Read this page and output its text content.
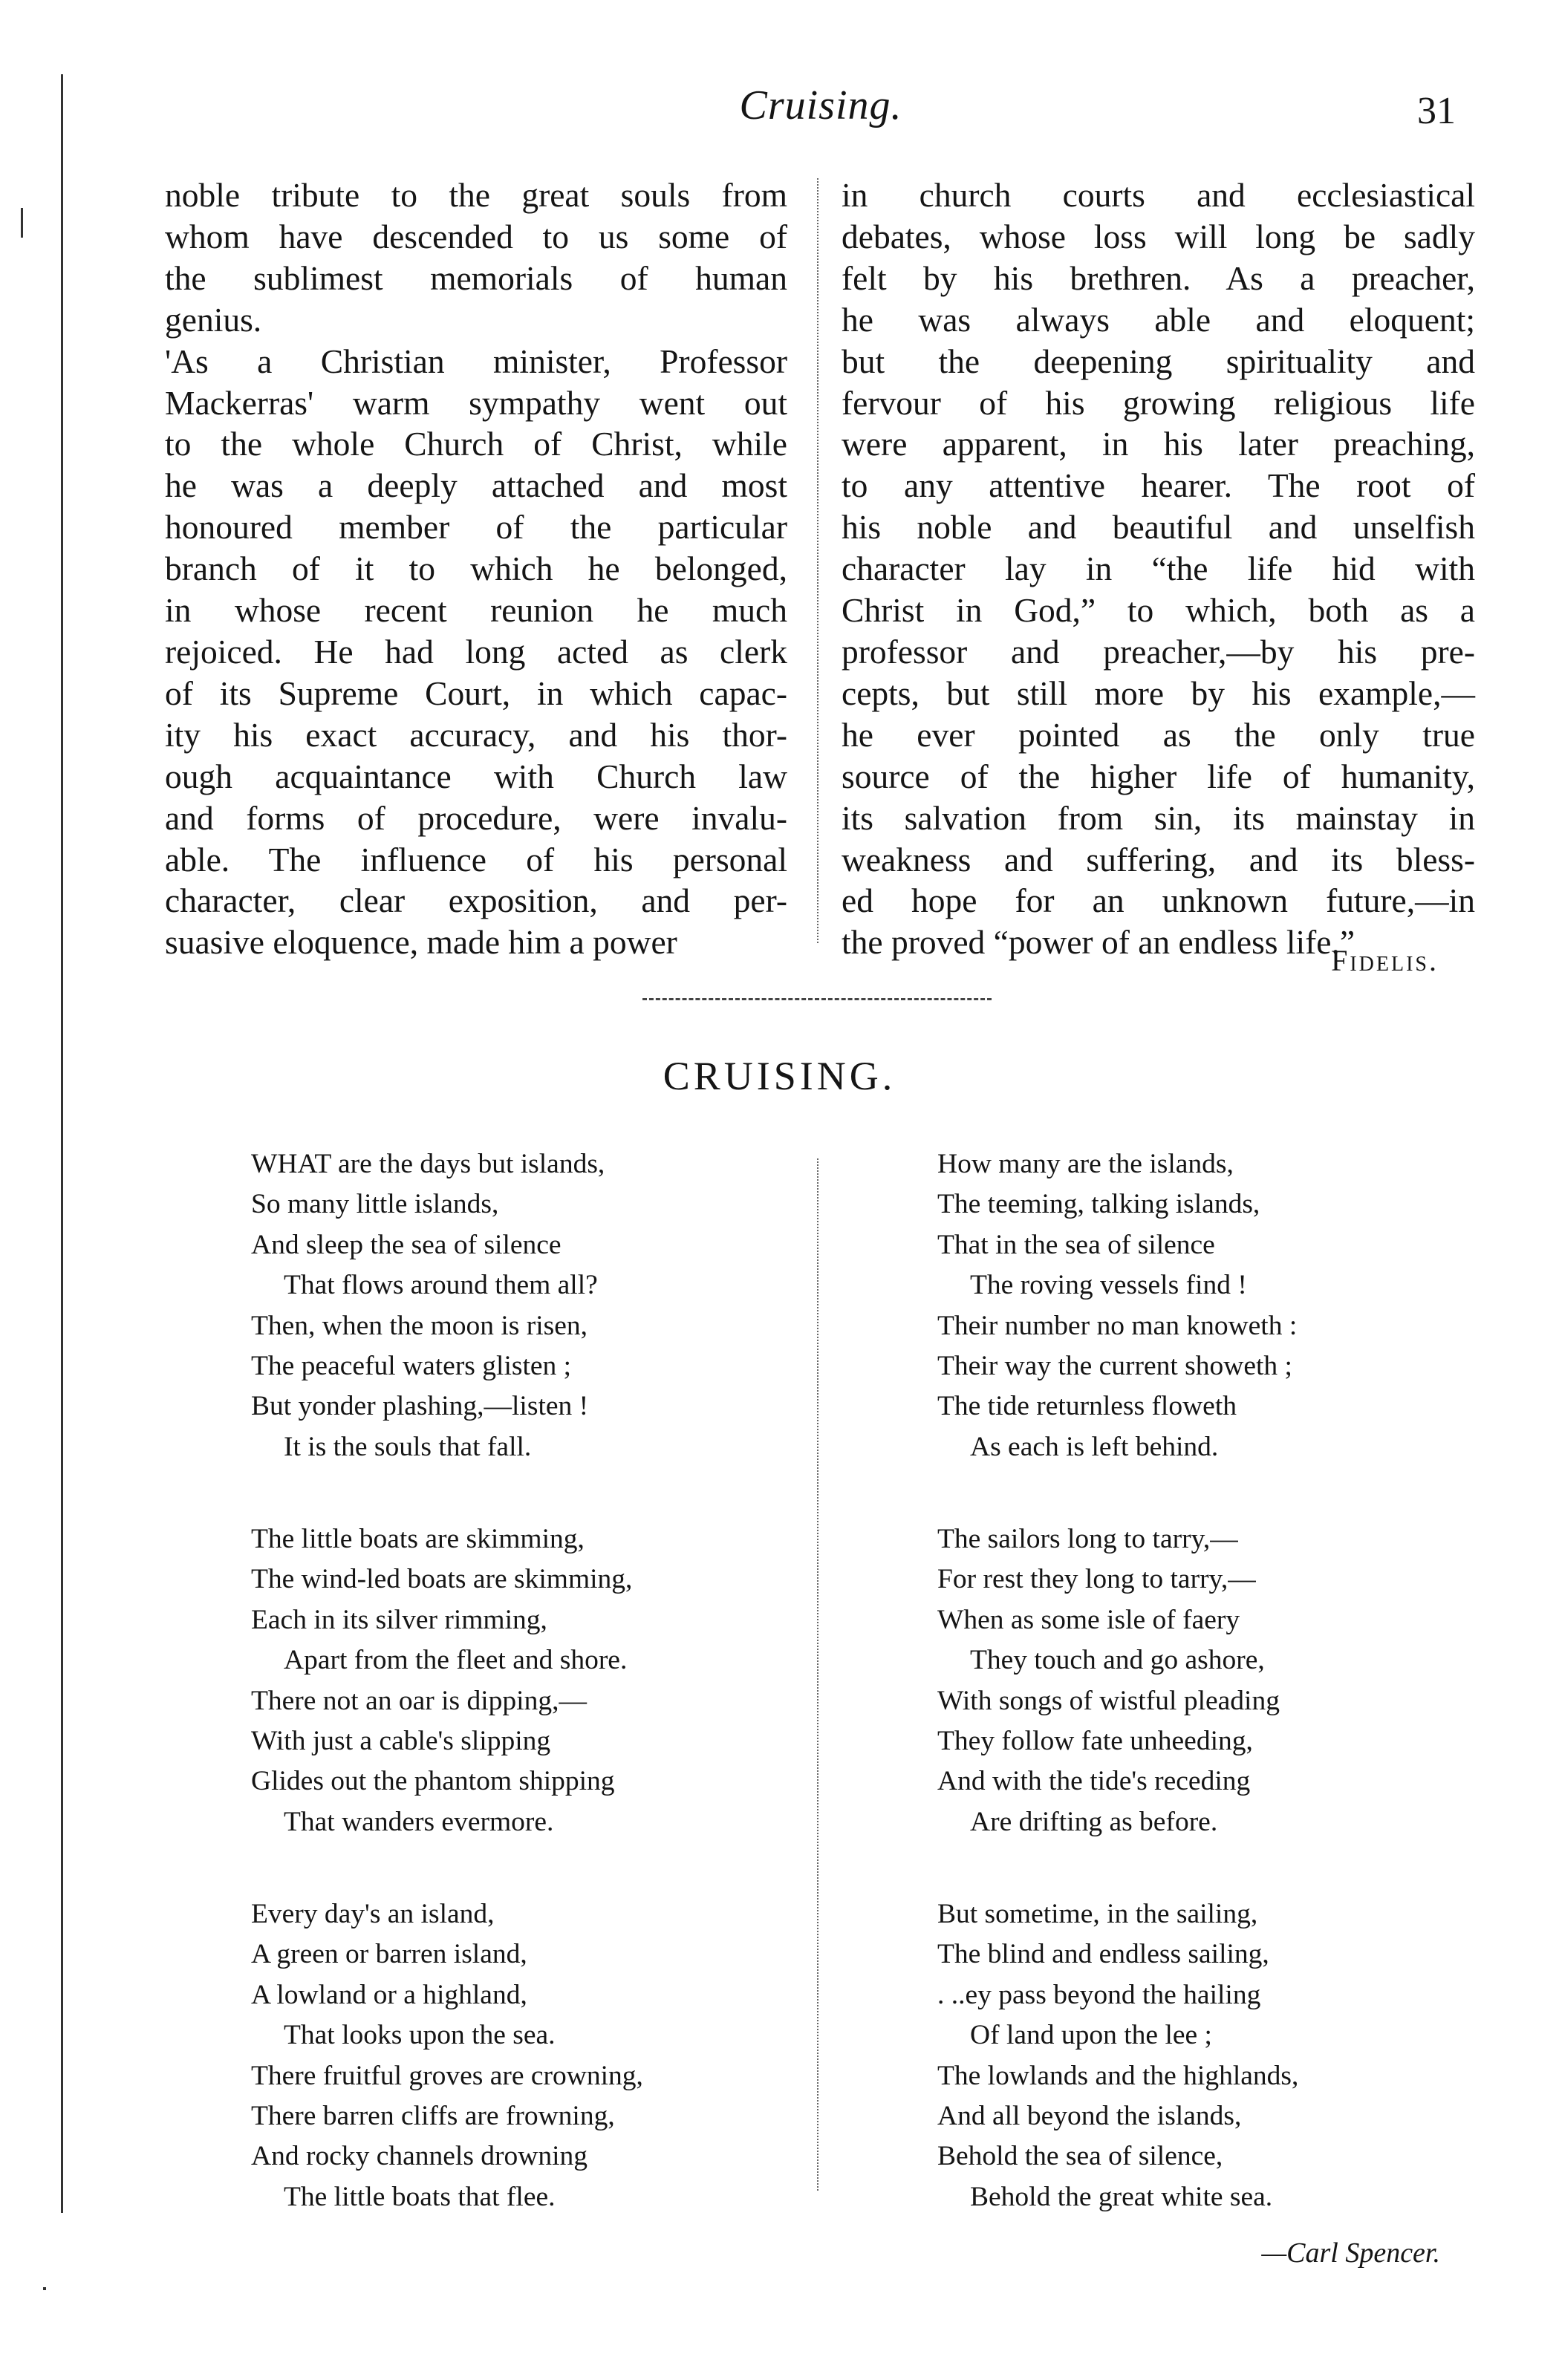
Cruising.	31
noble tribute to the great souls from
whom have descended to us some of
the sublimest memorials of human
genius.
'As a Christian minister, Professor
Mackerras' warm sympathy went out
to the whole Church of Christ, while
he was a deeply attached and most
honoured member of the particular
branch of it to which he belonged,
in whose recent reunion he much
rejoiced. He had long acted as clerk
of its Supreme Court, in which capac-
ity his exact accuracy, and his thor-
ough acquaintance with Church law
and forms of procedure, were invalu-
able. The influence of his personal
character, clear exposition, and per-
suasive eloquence, made him a power
in church courts and ecclesiastical
debates, whose loss will long be sadly
felt by his brethren. As a preacher,
he was always able and eloquent;
but the deepening spirituality and
fervour of his growing religious life
were apparent, in his later preaching,
to any attentive hearer. The root of
his noble and beautiful and unselfish
character lay in “the life hid with
Christ in God,” to which, both as a
professor and preacher,—by his pre-
cepts, but still more by his example,—
he ever pointed as the only true
source of the higher life of humanity,
its salvation from sin, its mainstay in
weakness and suffering, and its bless-
ed hope for an unknown future,—in
the proved “power of an endless life.”
Fidelis.
CRUISING.
WHAT are the days but islands,
So many little islands,
And sleep the sea of silence
That flows around them all?
Then, when the moon is risen,
The peaceful waters glisten ;
But yonder plashing,—listen !
It is the souls that fall.
The little boats are skimming,
The wind-led boats are skimming,
Each in its silver rimming,
Apart from the fleet and shore.
There not an oar is dipping,—
With just a cable's slipping
Glides out the phantom shipping
That wanders evermore.
Every day's an island,
A green or barren island,
A lowland or a highland,
That looks upon the sea.
There fruitful groves are crowning,
There barren cliffs are frowning,
And rocky channels drowning
The little boats that flee.
How many are the islands,
The teeming, talking islands,
That in the sea of silence
The roving vessels find !
Their number no man knoweth :
Their way the current showeth ;
The tide returnless floweth
As each is left behind.
The sailors long to tarry,—
For rest they long to tarry,—
When as some isle of faery
They touch and go ashore,
With songs of wistful pleading
They follow fate unheeding,
And with the tide's receding
Are drifting as before.
But sometime, in the sailing,
The blind and endless sailing,
. ..ey pass beyond the hailing
Of land upon the lee ;
The lowlands and the highlands,
And all beyond the islands,
Behold the sea of silence,
Behold the great white sea.
—Carl Spencer.
